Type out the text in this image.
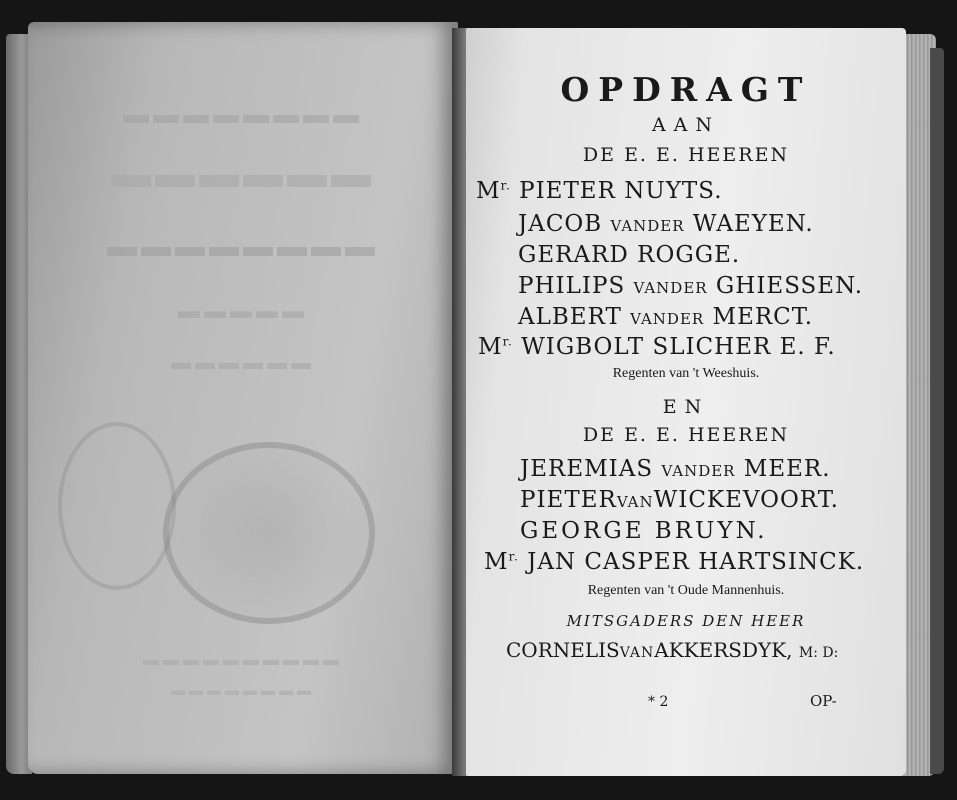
▬▬▬▬▬▬▬▬
▬▬▬▬▬▬
▬▬▬▬▬▬▬▬
▬▬▬▬▬
▬▬▬▬▬▬
▬▬▬▬▬▬▬▬▬▬
▬▬▬▬▬▬▬▬
OPDRAGT
AAN
DE E. E. HEEREN
$M^{r.}$ PIETER NUYTS.
JACOB VANDER WAEYEN.
GERARD ROGGE.
PHILIPS VANDER GHIESSEN.
ALBERT VANDER MERCT.
$M^{r.}$ WIGBOLT SLICHER E. F.
Regenten van 't Weeshuis.
EN
DE E. E. HEEREN
JEREMIAS VANDER MEER.
PIETERVANWICKEVOORT.
GEORGE BRUYN.
$M^{r.}$ JAN CASPER HARTSINCK.
Regenten van 't Oude Mannenhuis.
MITSGADERS DEN HEER
CORNELISVANAKKERSDYK, M: D:
* 2	OP-
